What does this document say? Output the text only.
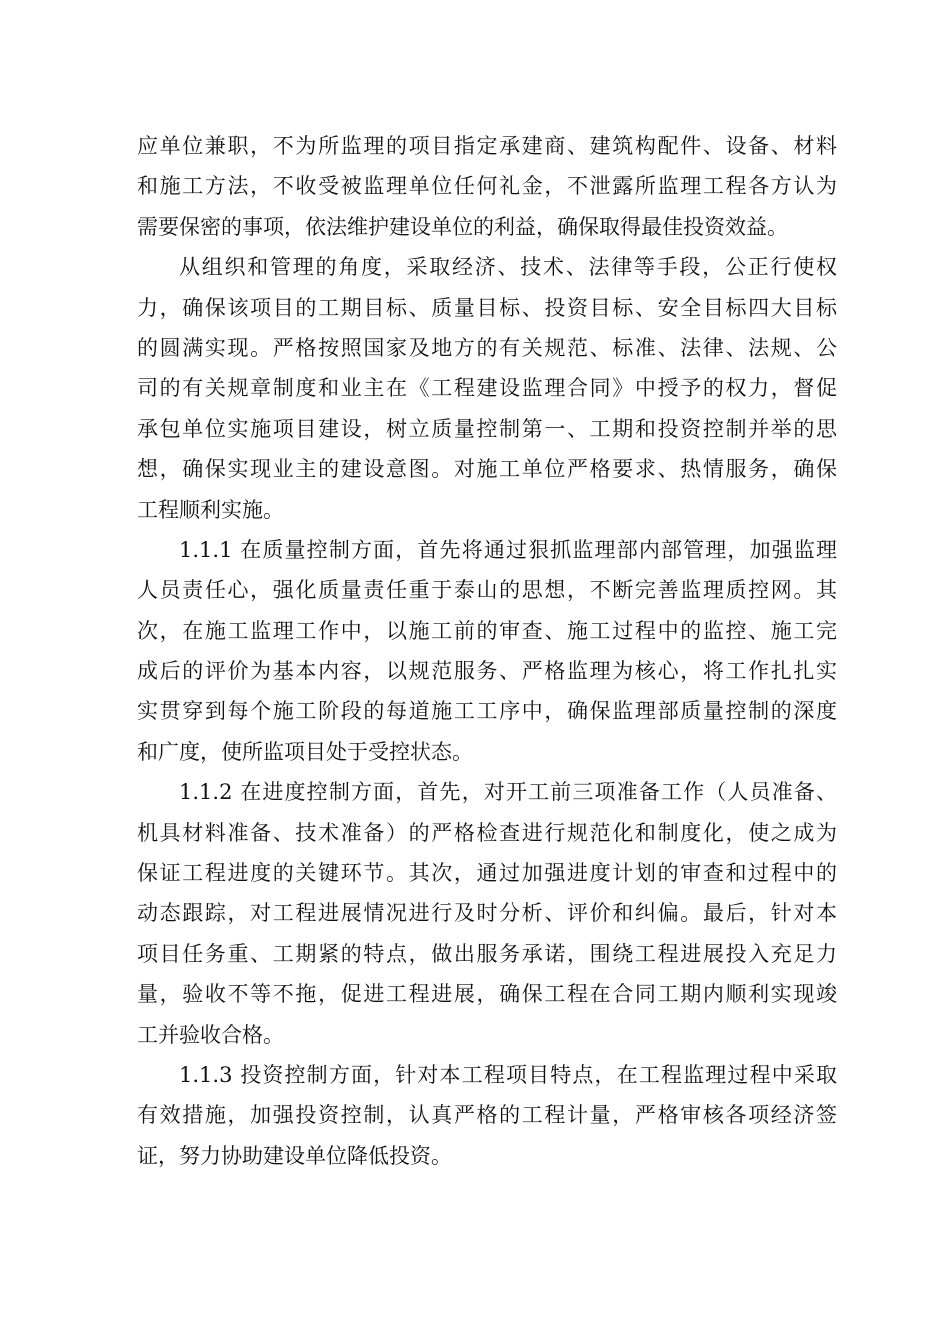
应单位兼职，不为所监理的项目指定承建商、建筑构配件、设备、材料
和施工方法，不收受被监理单位任何礼金，不泄露所监理工程各方认为
需要保密的事项，依法维护建设单位的利益，确保取得最佳投资效益。
从组织和管理的角度，采取经济、技术、法律等手段，公正行使权
力，确保该项目的工期目标、质量目标、投资目标、安全目标四大目标
的圆满实现。严格按照国家及地方的有关规范、标准、法律、法规、公
司的有关规章制度和业主在《工程建设监理合同》中授予的权力，督促
承包单位实施项目建设，树立质量控制第一、工期和投资控制并举的思
想，确保实现业主的建设意图。对施工单位严格要求、热情服务，确保
工程顺利实施。
1.1.1 在质量控制方面，首先将通过狠抓监理部内部管理，加强监理
人员责任心，强化质量责任重于泰山的思想，不断完善监理质控网。其
次，在施工监理工作中，以施工前的审查、施工过程中的监控、施工完
成后的评价为基本内容，以规范服务、严格监理为核心，将工作扎扎实
实贯穿到每个施工阶段的每道施工工序中，确保监理部质量控制的深度
和广度，使所监项目处于受控状态。
1.1.2 在进度控制方面，首先，对开工前三项准备工作（人员准备、
机具材料准备、技术准备）的严格检查进行规范化和制度化，使之成为
保证工程进度的关键环节。其次，通过加强进度计划的审查和过程中的
动态跟踪，对工程进展情况进行及时分析、评价和纠偏。最后，针对本
项目任务重、工期紧的特点，做出服务承诺，围绕工程进展投入充足力
量，验收不等不拖，促进工程进展，确保工程在合同工期内顺利实现竣
工并验收合格。
1.1.3 投资控制方面，针对本工程项目特点，在工程监理过程中采取
有效措施，加强投资控制，认真严格的工程计量，严格审核各项经济签
证，努力协助建设单位降低投资。
